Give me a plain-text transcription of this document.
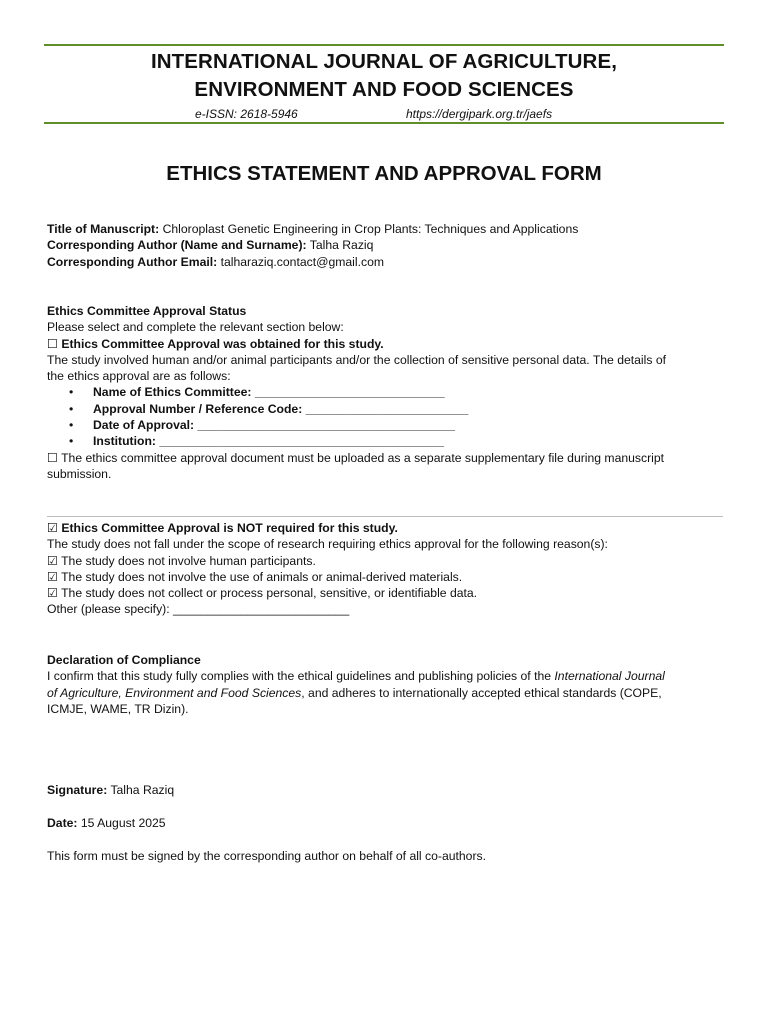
INTERNATIONAL JOURNAL OF AGRICULTURE,
ENVIRONMENT AND FOOD SCIENCES
e-ISSN: 2618-5946	https://dergipark.org.tr/jaefs
ETHICS STATEMENT AND APPROVAL FORM
Title of Manuscript: Chloroplast Genetic Engineering in Crop Plants: Techniques and Applications
Corresponding Author (Name and Surname): Talha Raziq
Corresponding Author Email: talharaziq.contact@gmail.com
Ethics Committee Approval Status
Please select and complete the relevant section below:
☐ Ethics Committee Approval was obtained for this study.
The study involved human and/or animal participants and/or the collection of sensitive personal data. The details of
the ethics approval are as follows:
• Name of Ethics Committee: ____________________________
• Approval Number / Reference Code: ________________________
• Date of Approval: ______________________________________
• Institution: __________________________________________
☐ The ethics committee approval document must be uploaded as a separate supplementary file during manuscript
submission.
☑ Ethics Committee Approval is NOT required for this study.
The study does not fall under the scope of research requiring ethics approval for the following reason(s):
☑ The study does not involve human participants.
☑ The study does not involve the use of animals or animal-derived materials.
☑ The study does not collect or process personal, sensitive, or identifiable data.
Other (please specify): __________________________
Declaration of Compliance
I confirm that this study fully complies with the ethical guidelines and publishing policies of the International Journal
of Agriculture, Environment and Food Sciences, and adheres to internationally accepted ethical standards (COPE,
ICMJE, WAME, TR Dizin).
Signature: Talha Raziq
Date: 15 August 2025
This form must be signed by the corresponding author on behalf of all co-authors.
